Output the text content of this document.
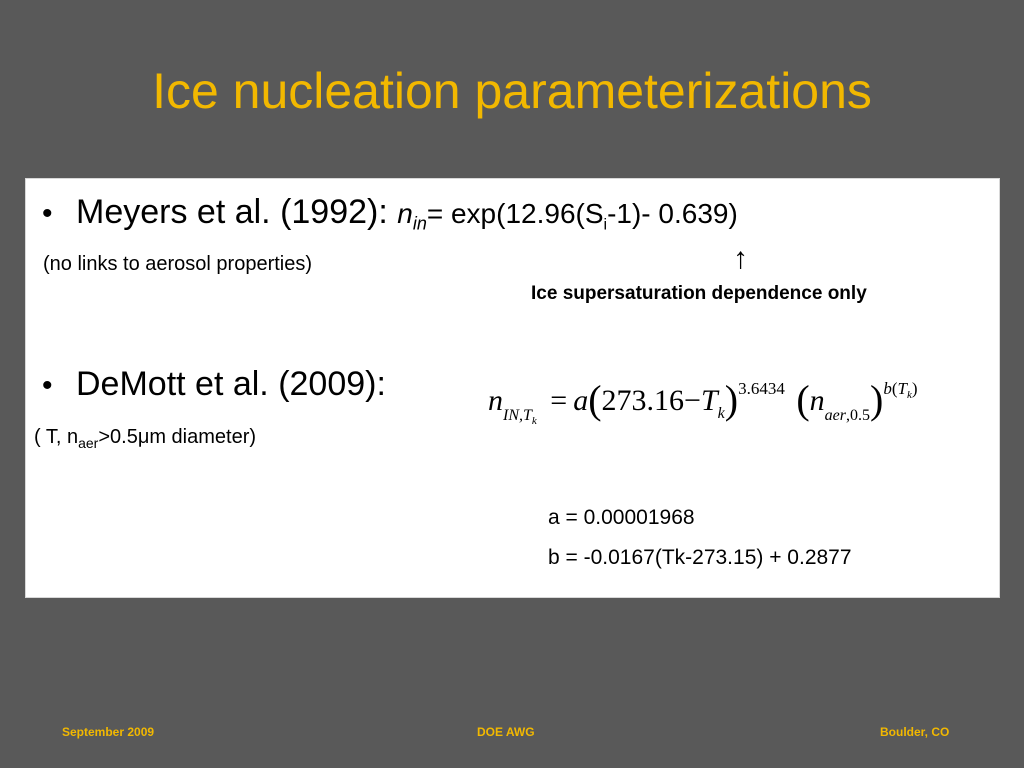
Ice nucleation parameterizations
• Meyers et al. (1992): $n_{in}= \exp(12.96(S_i-1)-$ 0.639)
(no links to aerosol properties)	↑
Ice supersaturation dependence only
• DeMott et al. (2009):
( T, $n_{aer}>0.5\mu m$ diameter)
$n_{IN,T_k} = a(273.16-T_k)^{3.6434}$ $(n_{aer,0.5})^{b(T_k)}$
a = 0.00001968
b = -0.0167(Tk-273.15) + 0.2877
September 2009	DOE AWG	Boulder, CO
